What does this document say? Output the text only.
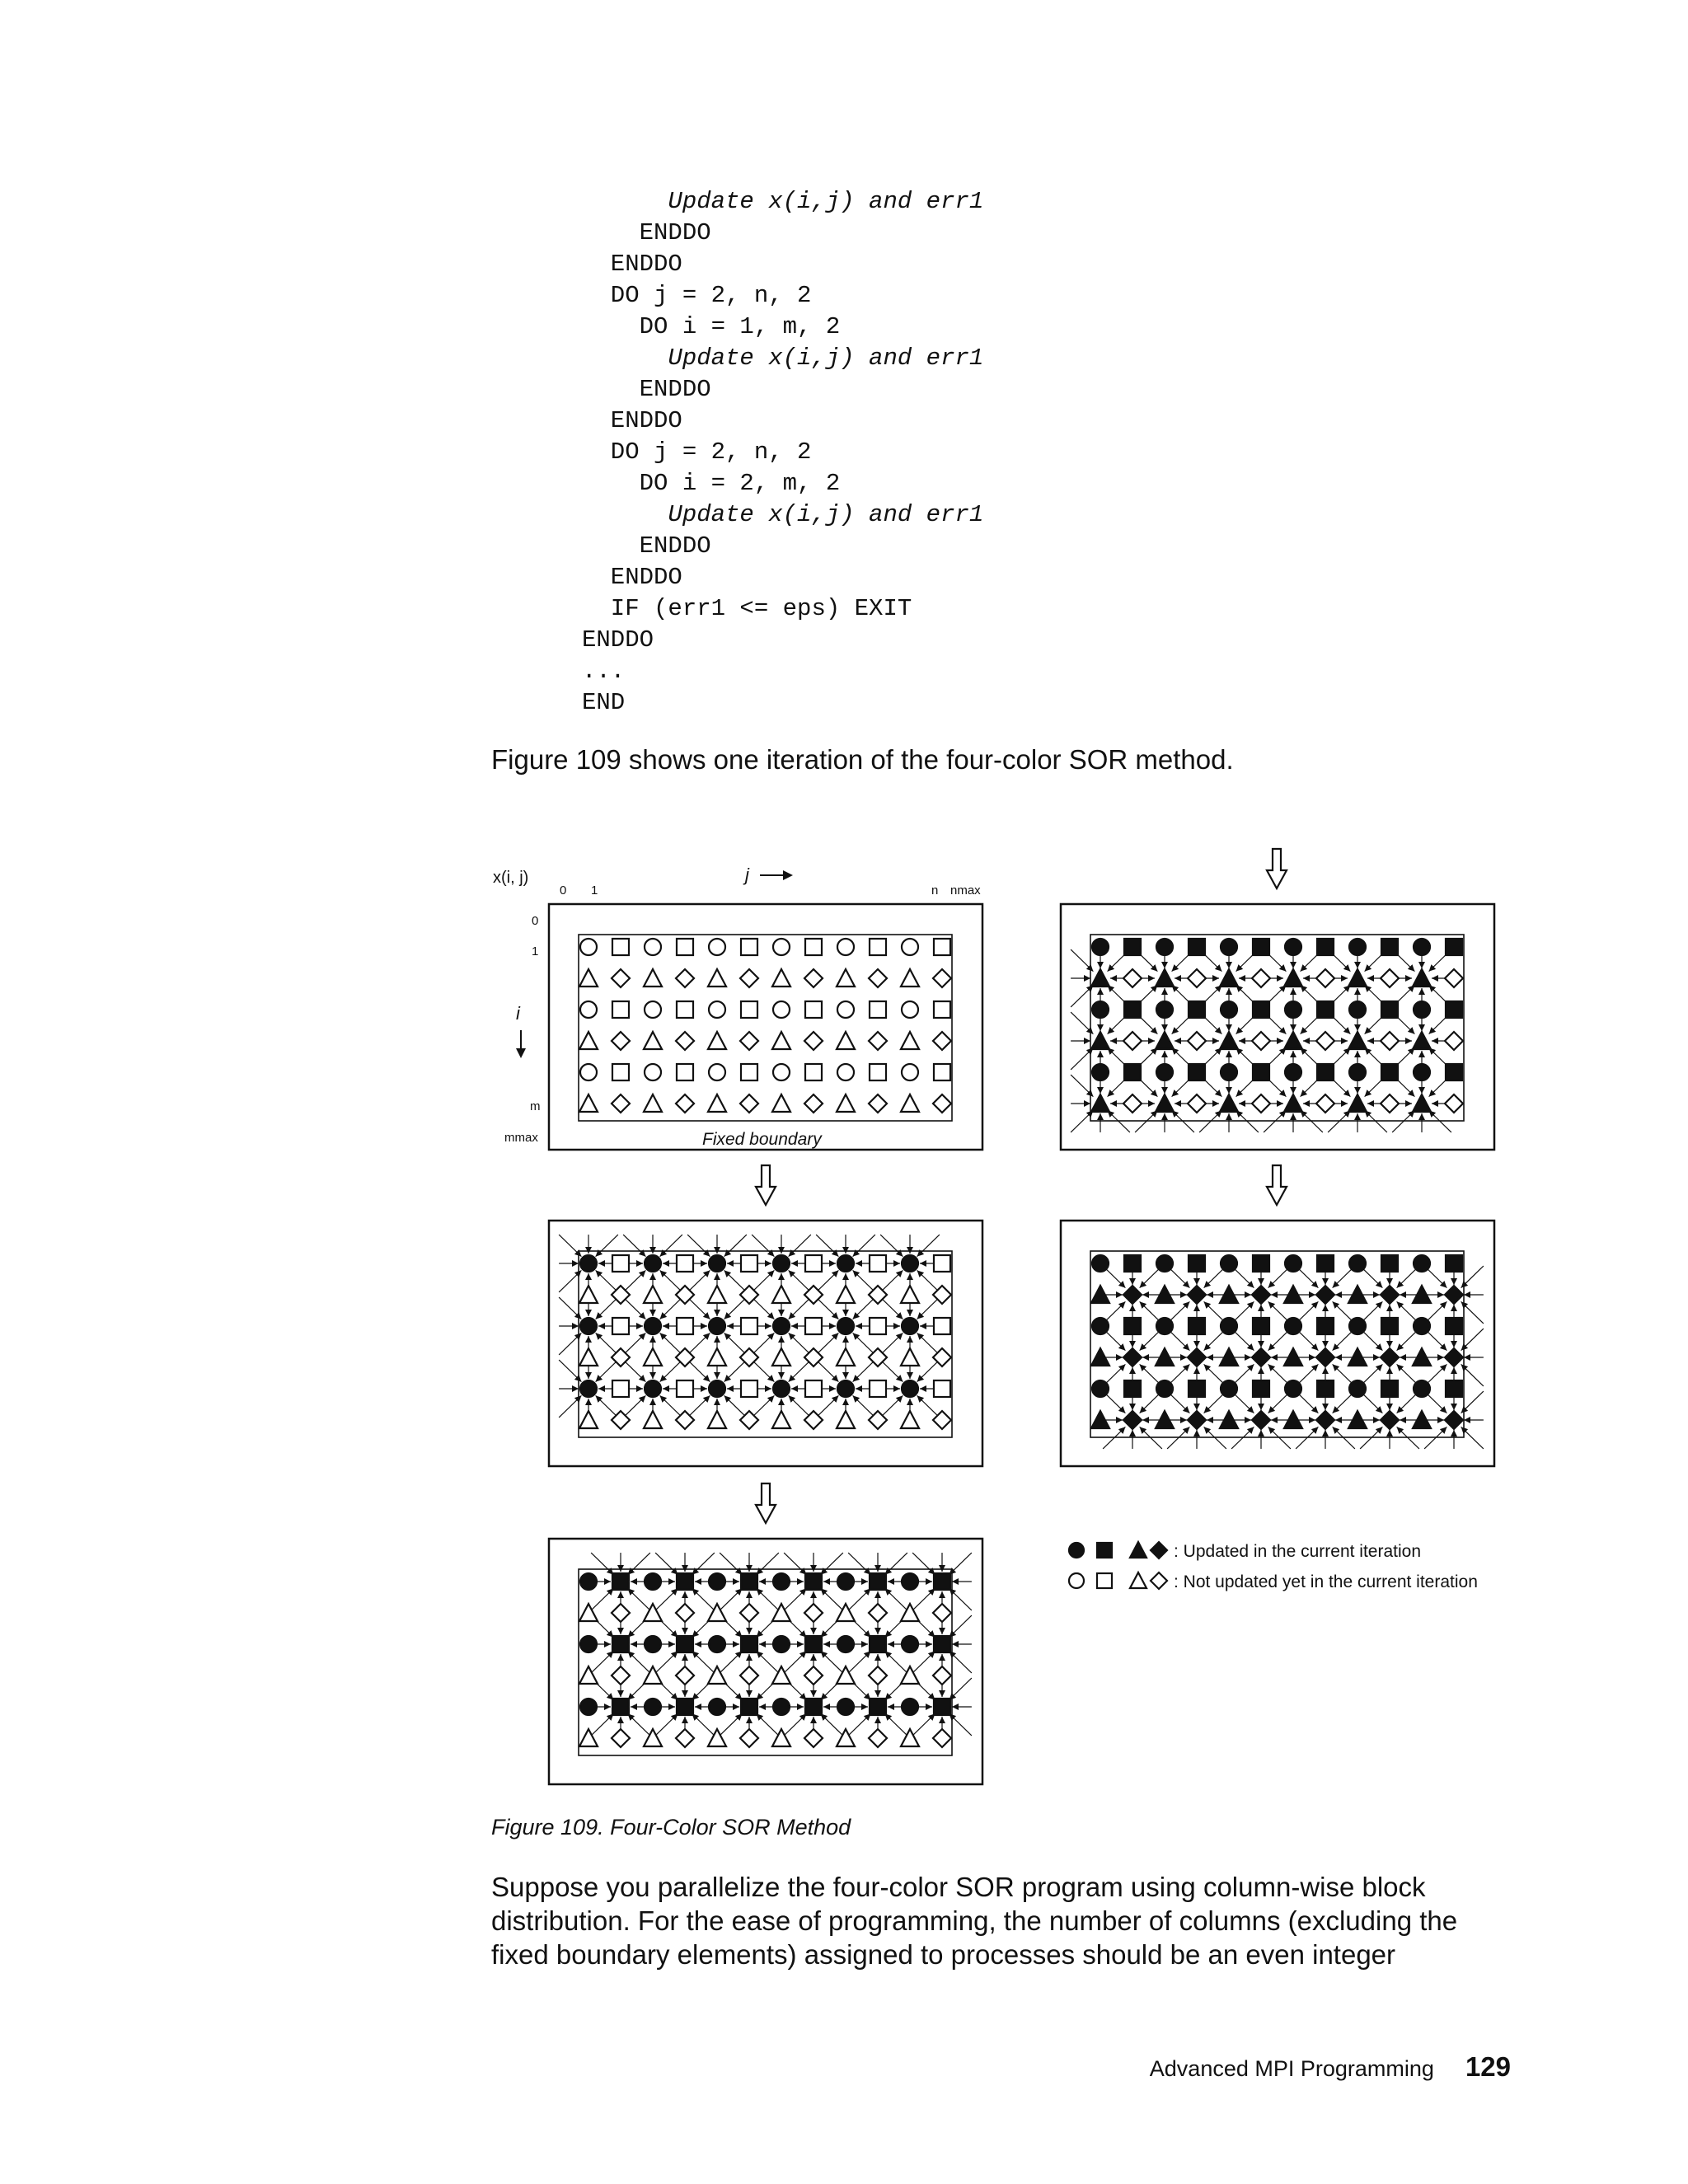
Update x(i,j) and err1
ENDDO
ENDDO
DO j = 2, n, 2
DO i = 1, m, 2
Update x(i,j) and err1
ENDDO
ENDDO
DO j = 2, n, 2
DO i = 2, m, 2
Update x(i,j) and err1
ENDDO
ENDDO
IF (err1 <= eps) EXIT
ENDDO
...
END

Figure 109 shows one iteration of the four-color SOR method.

x(i, j)	j
0 1	n nmax
0
1
i
m
mmax	Fixed boundary
: Updated in the current iteration
: Not updated yet in the current iteration

Figure 109. Four-Color SOR Method

Suppose you parallelize the four-color SOR program using column-wise block
distribution. For the ease of programming, the number of columns (excluding the
fixed boundary elements) assigned to processes should be an even integer

Advanced MPI Programming 129
